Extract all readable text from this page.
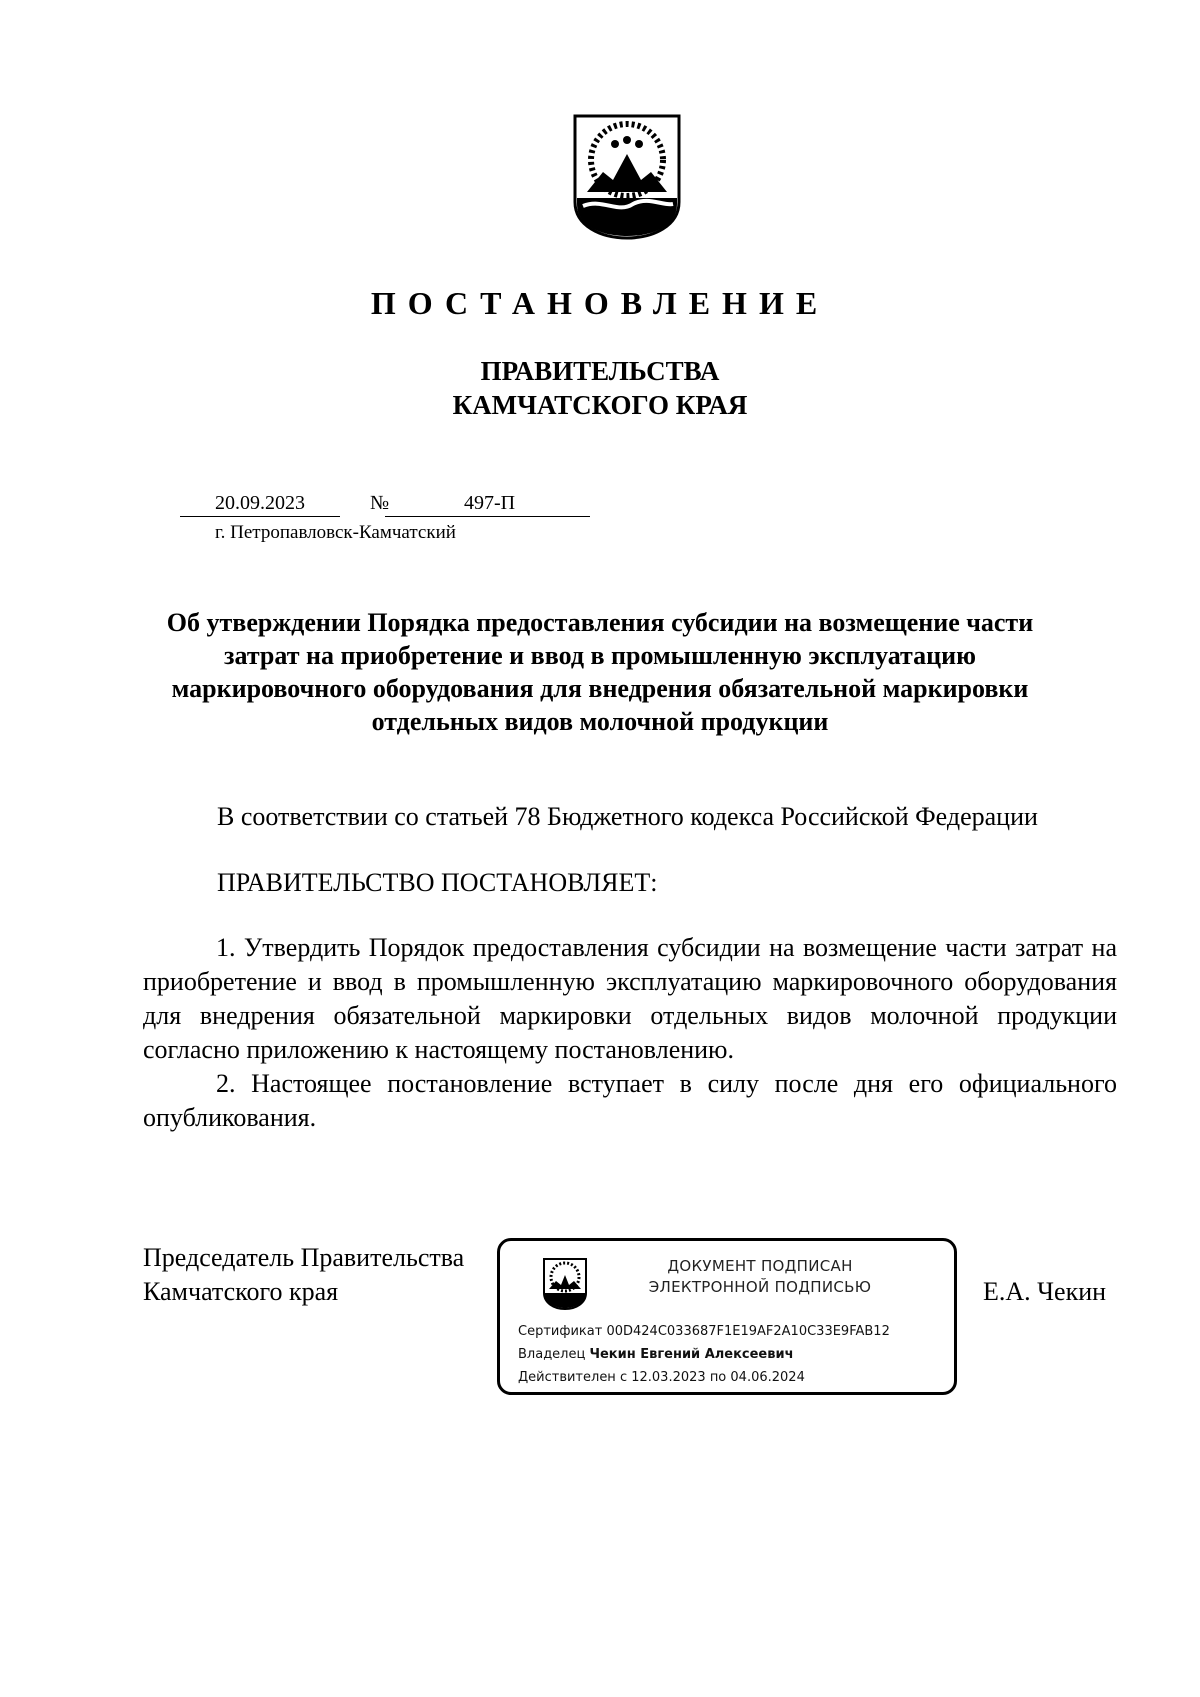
ПОСТАНОВЛЕНИЕ
ПРАВИТЕЛЬСТВА
КАМЧАТСКОГО КРАЯ
20.09.2023	№	497-П
г. Петропавловск-Камчатский
Об утверждении Порядка предоставления субсидии на возмещение части
затрат на приобретение и ввод в промышленную эксплуатацию
маркировочного оборудования для внедрения обязательной маркировки
отдельных видов молочной продукции
В соответствии со статьей 78 Бюджетного кодекса Российской Федерации
ПРАВИТЕЛЬСТВО ПОСТАНОВЛЯЕТ:
1. Утвердить Порядок предоставления субсидии на возмещение части затрат на приобретение и ввод в промышленную эксплуатацию маркировочного оборудования для внедрения обязательной маркировки отдельных видов молочной продукции согласно приложению к настоящему постановлению.
2. Настоящее постановление вступает в силу после дня его официального опубликования.
Председатель Правительства
Камчатского края	Е.А. Чекин
ДОКУМЕНТ ПОДПИСАН
ЭЛЕКТРОННОЙ ПОДПИСЬЮ
Сертификат 00D424C033687F1E19AF2A10C33E9FAB12
Владелец Чекин Евгений Алексеевич
Действителен с 12.03.2023 по 04.06.2024
